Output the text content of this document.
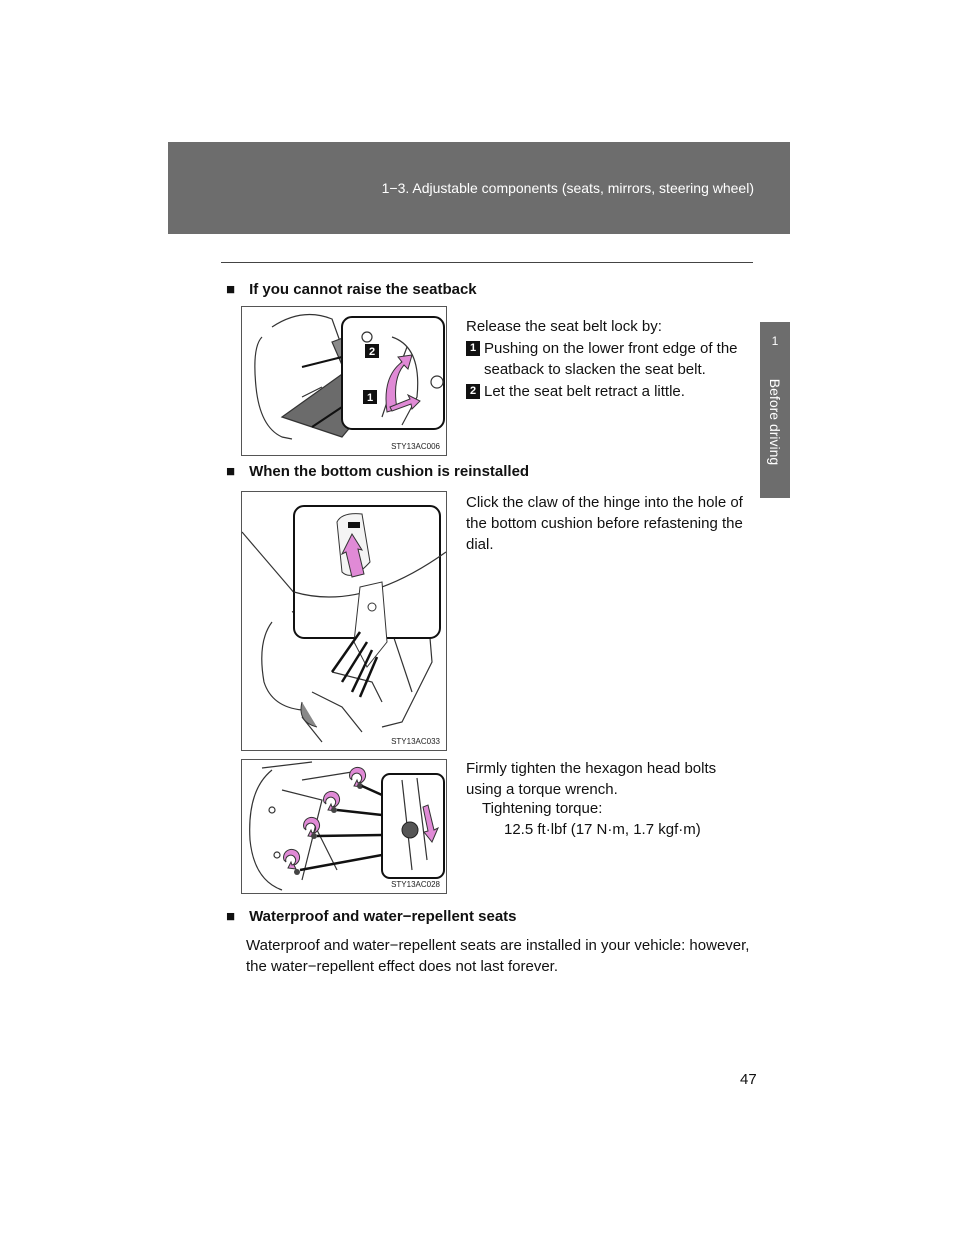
1−3. Adjustable components (seats, mirrors, steering wheel)
1
Before driving
■ If you cannot raise the seatback
2
1
STY13AC006
Release the seat belt lock by:
1 Pushing on the lower front edge of the seatback to slacken the seat belt.
2 Let the seat belt retract a little.
■ When the bottom cushion is reinstalled
STY13AC033
Click the claw of the hinge into the hole of the bottom cushion before refastening the dial.
STY13AC028
Firmly tighten the hexagon head bolts using a torque wrench.
Tightening torque:
12.5 ft·lbf (17 N·m, 1.7 kgf·m)
■ Waterproof and water−repellent seats
Waterproof and water−repellent seats are installed in your vehicle: however, the water−repellent effect does not last forever.
47
